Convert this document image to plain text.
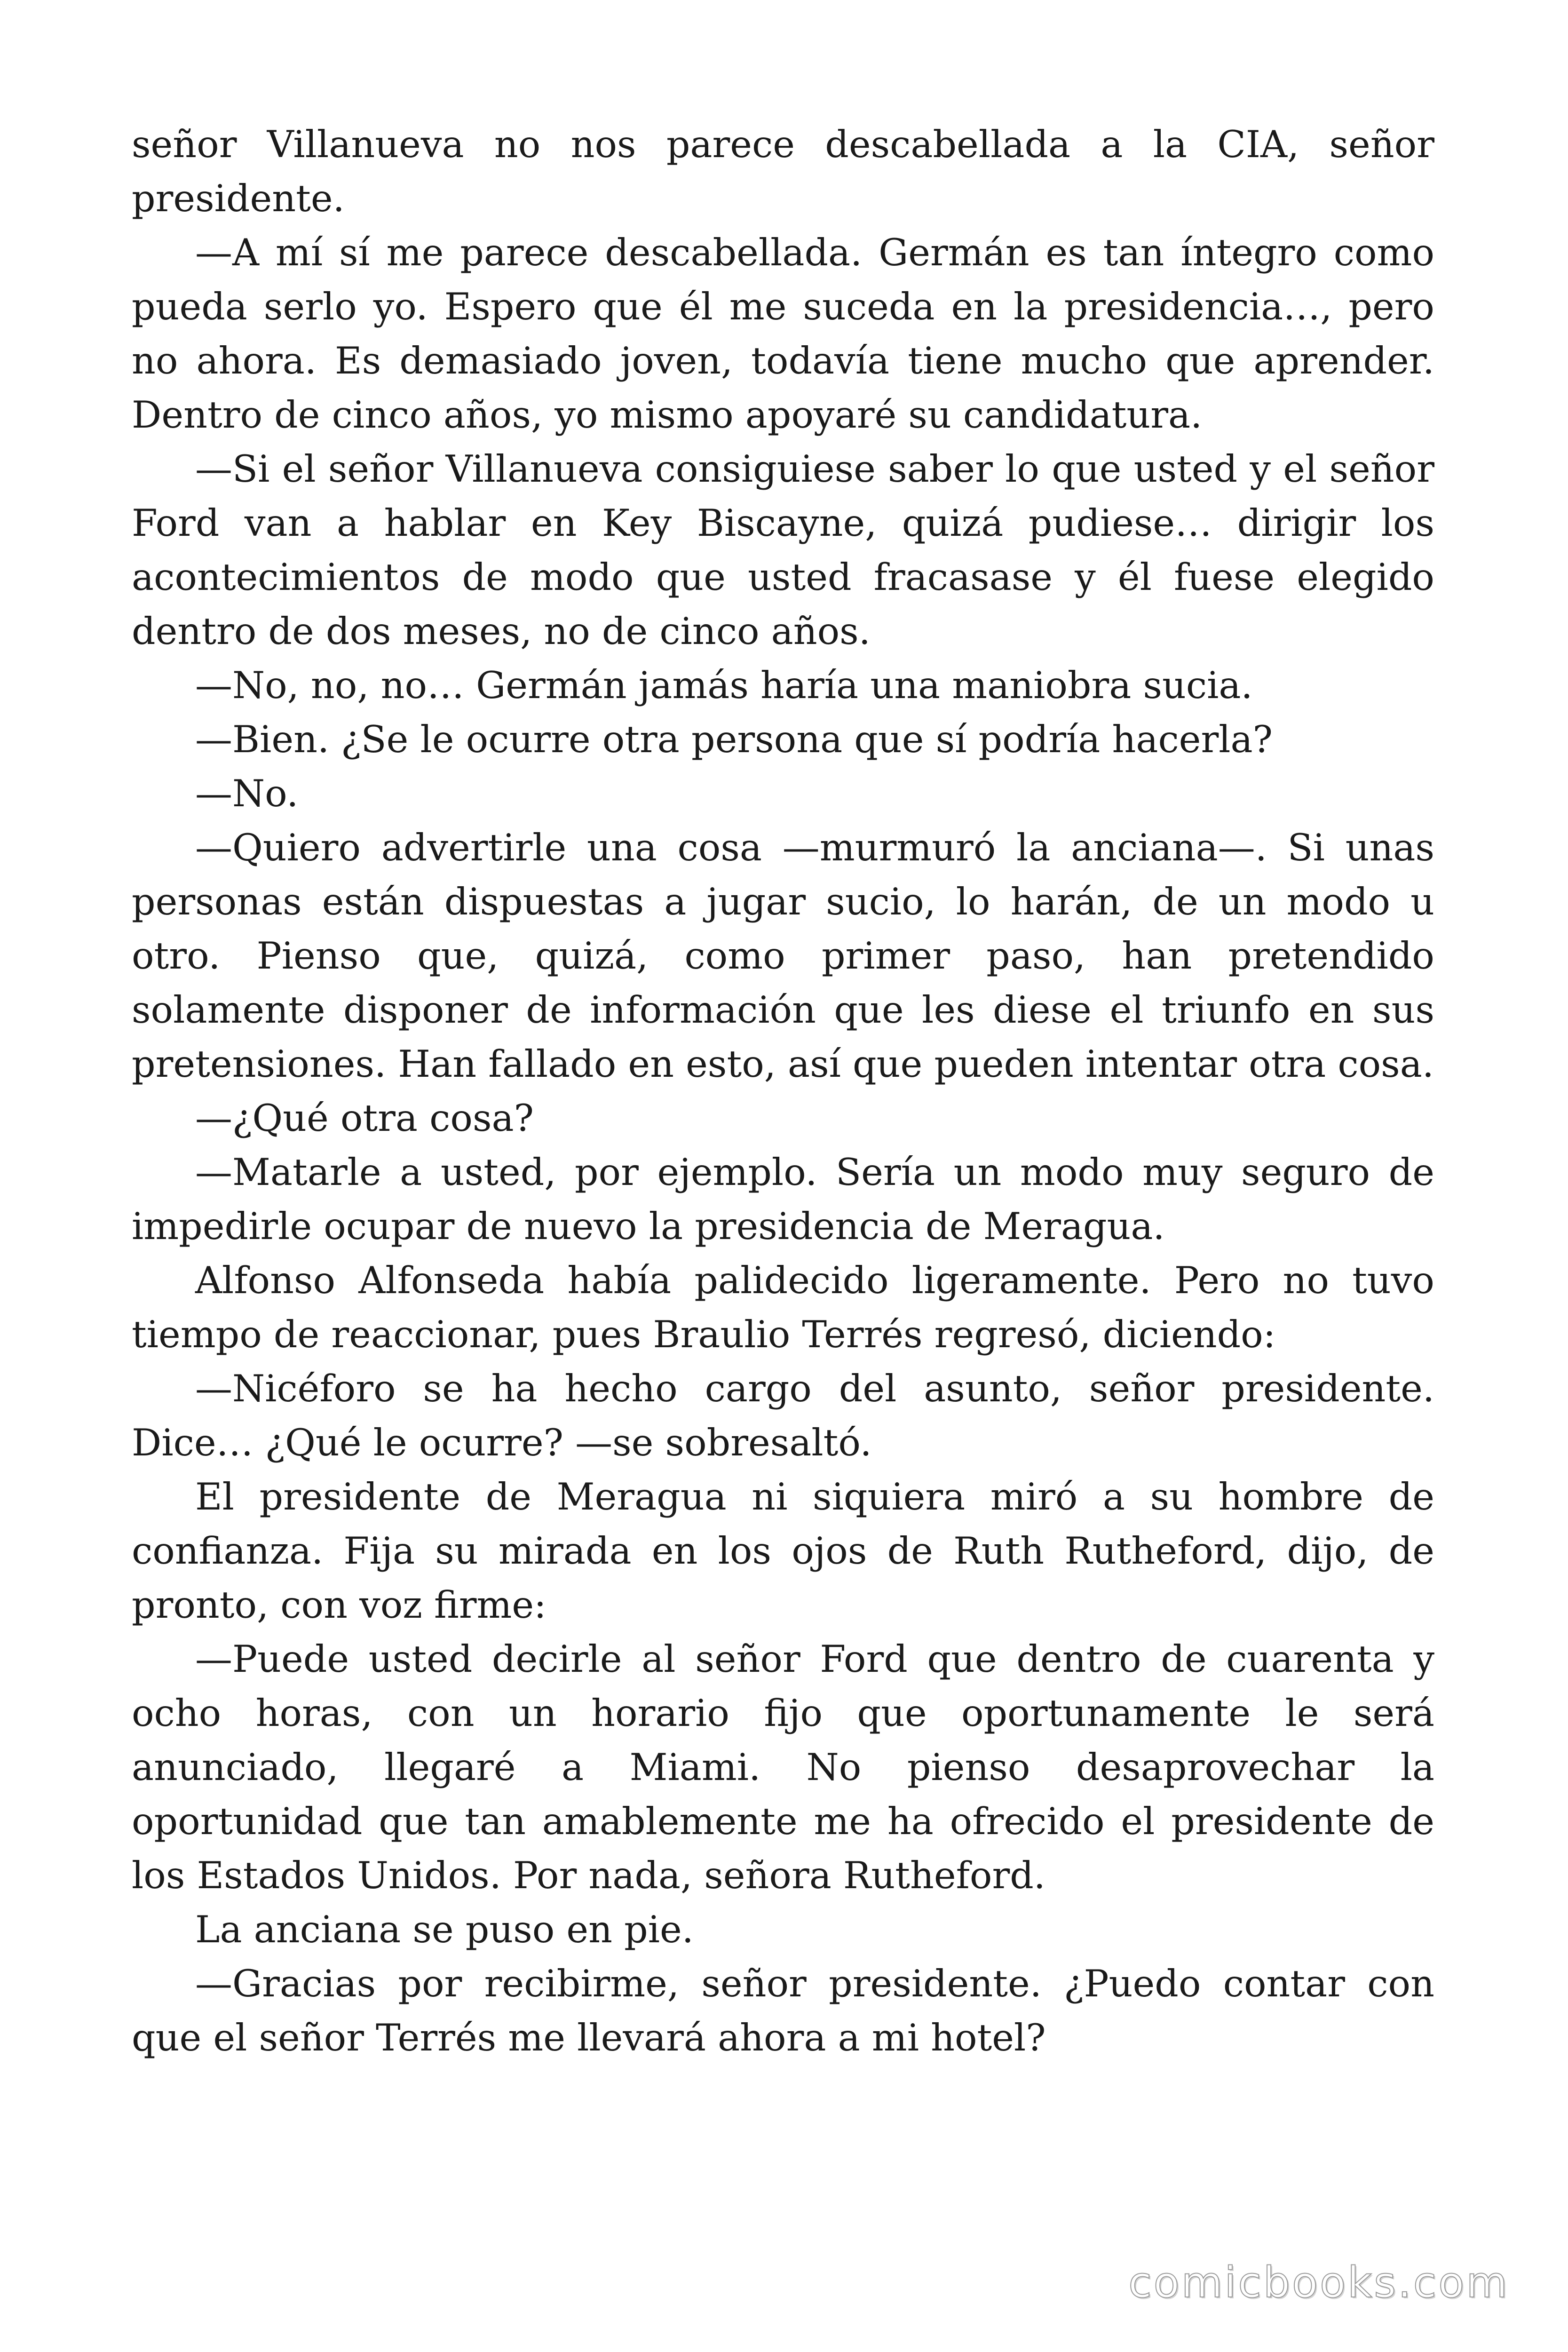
señor Villanueva no nos parece descabellada a la CIA, señor presidente.

—A mí sí me parece descabellada. Germán es tan íntegro como pueda serlo yo. Espero que él me suceda en la presidencia…, pero no ahora. Es demasiado joven, todavía tiene mucho que aprender. Dentro de cinco años, yo mismo apoyaré su candidatura.

—Si el señor Villanueva consiguiese saber lo que usted y el señor Ford van a hablar en Key Biscayne, quizá pudiese… dirigir los acontecimientos de modo que usted fracasase y él fuese elegido dentro de dos meses, no de cinco años.

—No, no, no… Germán jamás haría una maniobra sucia.

—Bien. ¿Se le ocurre otra persona que sí podría hacerla?

—No.

—Quiero advertirle una cosa —murmuró la anciana—. Si unas personas están dispuestas a jugar sucio, lo harán, de un modo u otro. Pienso que, quizá, como primer paso, han pretendido solamente disponer de información que les diese el triunfo en sus pretensiones. Han fallado en esto, así que pueden intentar otra cosa.

—¿Qué otra cosa?

—Matarle a usted, por ejemplo. Sería un modo muy seguro de impedirle ocupar de nuevo la presidencia de Meragua.

Alfonso Alfonseda había palidecido ligeramente. Pero no tuvo tiempo de reaccionar, pues Braulio Terrés regresó, diciendo:

—Nicéforo se ha hecho cargo del asunto, señor presidente. Dice… ¿Qué le ocurre? —se sobresaltó.

El presidente de Meragua ni siquiera miró a su hombre de confianza. Fija su mirada en los ojos de Ruth Rutheford, dijo, de pronto, con voz firme:

—Puede usted decirle al señor Ford que dentro de cuarenta y ocho horas, con un horario fijo que oportunamente le será anunciado, llegaré a Miami. No pienso desaprovechar la oportunidad que tan amablemente me ha ofrecido el presidente de los Estados Unidos. Por nada, señora Rutheford.

La anciana se puso en pie.

—Gracias por recibirme, señor presidente. ¿Puedo contar con que el señor Terrés me llevará ahora a mi hotel?

comicbooks.com
